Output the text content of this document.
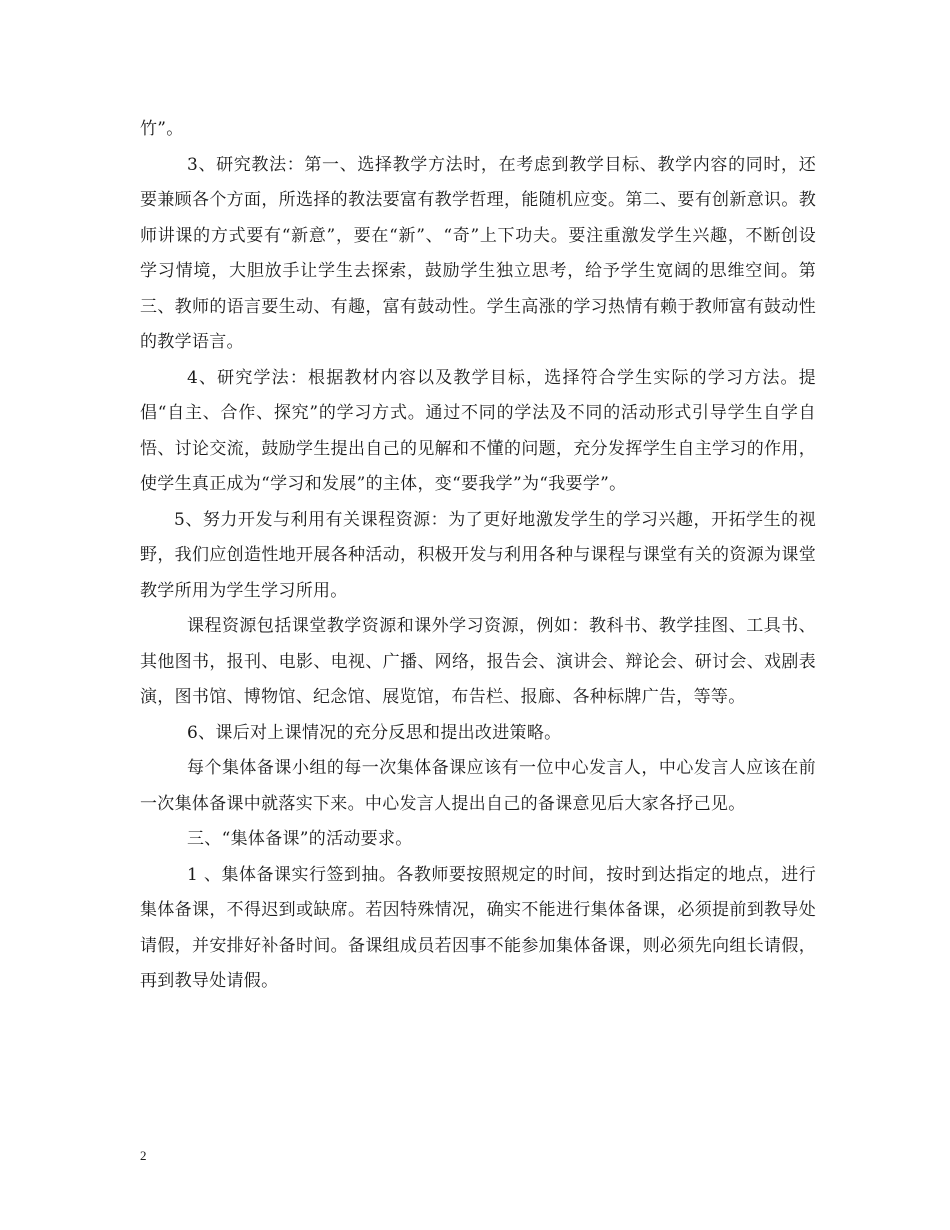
竹”。

3、研究教法：第一、选择教学方法时，在考虑到教学目标、教学内容的同时，还要兼顾各个方面，所选择的教法要富有教学哲理，能随机应变。第二、要有创新意识。教师讲课的方式要有“新意”，要在“新”、“奇”上下功夫。要注重激发学生兴趣，不断创设学习情境，大胆放手让学生去探索，鼓励学生独立思考，给予学生宽阔的思维空间。第三、教师的语言要生动、有趣，富有鼓动性。学生高涨的学习热情有赖于教师富有鼓动性的教学语言。

4、研究学法：根据教材内容以及教学目标，选择符合学生实际的学习方法。提倡“自主、合作、探究”的学习方式。通过不同的学法及不同的活动形式引导学生自学自悟、讨论交流，鼓励学生提出自己的见解和不懂的问题，充分发挥学生自主学习的作用，使学生真正成为“学习和发展”的主体，变“要我学”为“我要学”。

5、努力开发与利用有关课程资源：为了更好地激发学生的学习兴趣，开拓学生的视野，我们应创造性地开展各种活动，积极开发与利用各种与课程与课堂有关的资源为课堂教学所用为学生学习所用。

课程资源包括课堂教学资源和课外学习资源，例如：教科书、教学挂图、工具书、其他图书，报刊、电影、电视、广播、网络，报告会、演讲会、辩论会、研讨会、戏剧表演，图书馆、博物馆、纪念馆、展览馆，布告栏、报廊、各种标牌广告，等等。

6、课后对上课情况的充分反思和提出改进策略。

每个集体备课小组的每一次集体备课应该有一位中心发言人，中心发言人应该在前一次集体备课中就落实下来。中心发言人提出自己的备课意见后大家各抒己见。

三、“集体备课”的活动要求。

1 、集体备课实行签到抽。各教师要按照规定的时间，按时到达指定的地点，进行集体备课，不得迟到或缺席。若因特殊情况，确实不能进行集体备课，必须提前到教导处请假，并安排好补备时间。备课组成员若因事不能参加集体备课，则必须先向组长请假，再到教导处请假。

2
